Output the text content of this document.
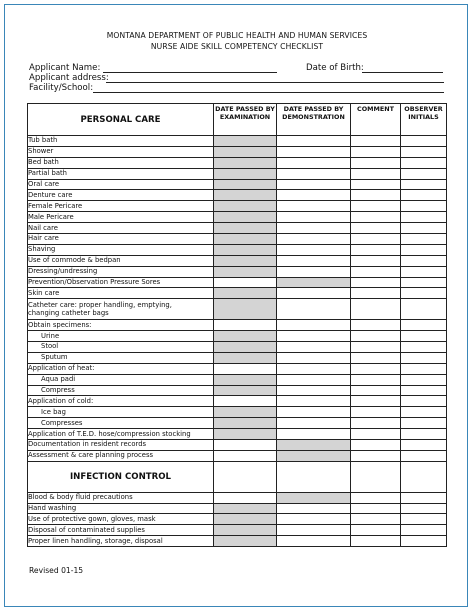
MONTANA DEPARTMENT OF PUBLIC HEALTH AND HUMAN SERVICES
NURSE AIDE SKILL COMPETENCY CHECKLIST
Applicant Name:	Date of Birth:
Applicant address:
Facility/School:
PERSONAL CARE	DATE PASSED BY EXAMINATION	DATE PASSED BY DEMONSTRATION	COMMENT	OBSERVER INITIALS
Tub bath				
Shower				
Bed bath				
Partial bath				
Oral care				
Denture care				
Female Pericare				
Male Pericare				
Nail care				
Hair care				
Shaving				
Use of commode & bedpan				
Dressing/undressing				
Prevention/Observation Pressure Sores				
Skin care				
Catheter care: proper handling, emptying,
changing catheter bags				
Obtain specimens:				
Urine				
Stool				
Sputum				
Application of heat:				
Aqua padi				
Compress				
Application of cold:				
Ice bag				
Compresses				
Application of T.E.D. hose/compression stocking				
Documentation in resident records				
Assessment & care planning process				
INFECTION CONTROL				
Blood & body fluid precautions				
Hand washing				
Use of protective gown, gloves, mask				
Disposal of contaminated supplies				
Proper linen handling, storage, disposal				
Revised 01-15
